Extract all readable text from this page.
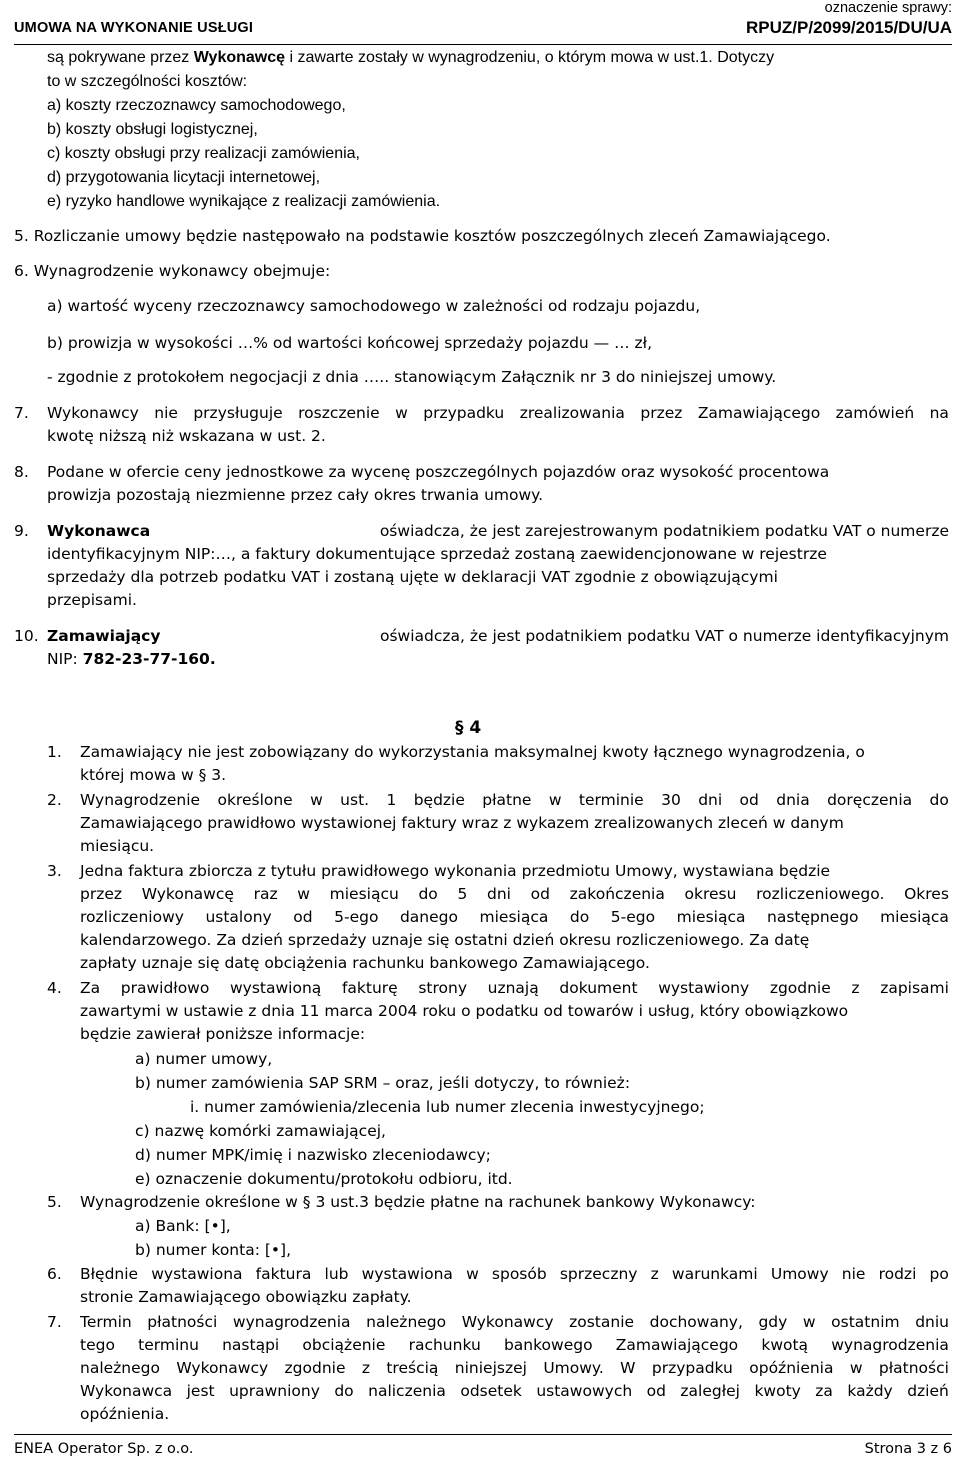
UMOWA NA WYKONANIE USŁUGI
oznaczenie sprawy:
RPUZ/P/2099/2015/DU/UA
są pokrywane przez Wykonawcę i zawarte zostały w wynagrodzeniu, o którym mowa w ust.1. Dotyczy
to w szczególności kosztów:
a) koszty rzeczoznawcy samochodowego,
b) koszty obsługi logistycznej,
c) koszty obsługi przy realizacji zamówienia,
d) przygotowania licytacji internetowej,
e) ryzyko handlowe wynikające z realizacji zamówienia.
5. Rozliczanie umowy będzie następowało na podstawie kosztów poszczególnych zleceń Zamawiającego.
6. Wynagrodzenie wykonawcy obejmuje:
a) wartość wyceny rzeczoznawcy samochodowego w zależności od rodzaju pojazdu,
b) prowizja w wysokości …% od wartości końcowej sprzedaży pojazdu — … zł,
- zgodnie z protokołem negocjacji z dnia ….. stanowiącym Załącznik nr 3 do niniejszej umowy.
7. Wykonawcy nie przysługuje roszczenie w przypadku zrealizowania przez Zamawiającego zamówień na
kwotę niższą niż wskazana w ust. 2.
8. Podane w ofercie ceny jednostkowe za wycenę poszczególnych pojazdów oraz wysokość procentowa
prowizja pozostają niezmienne przez cały okres trwania umowy.
9. Wykonawca	oświadcza, że jest zarejestrowanym podatnikiem podatku VAT o numerze
identyfikacyjnym NIP:…, a faktury dokumentujące sprzedaż zostaną zaewidencjonowane w rejestrze
sprzedaży dla potrzeb podatku VAT i zostaną ujęte w deklaracji VAT zgodnie z obowiązującymi
przepisami.
10. Zamawiający	oświadcza, że jest podatnikiem podatku VAT o numerze identyfikacyjnym
NIP: 782-23-77-160.
§ 4
1. Zamawiający nie jest zobowiązany do wykorzystania maksymalnej kwoty łącznego wynagrodzenia, o
której mowa w § 3.
2. Wynagrodzenie określone w ust. 1 będzie płatne w terminie 30 dni od dnia doręczenia do
Zamawiającego prawidłowo wystawionej faktury wraz z wykazem zrealizowanych zleceń w danym
miesiącu.
3. Jedna faktura zbiorcza z tytułu prawidłowego wykonania przedmiotu Umowy, wystawiana będzie
przez Wykonawcę raz w miesiącu do 5 dni od zakończenia okresu rozliczeniowego. Okres
rozliczeniowy ustalony od 5-ego danego miesiąca do 5-ego miesiąca następnego miesiąca
kalendarzowego. Za dzień sprzedaży uznaje się ostatni dzień okresu rozliczeniowego. Za datę
zapłaty uznaje się datę obciążenia rachunku bankowego Zamawiającego.
4. Za prawidłowo wystawioną fakturę strony uznają dokument wystawiony zgodnie z zapisami
zawartymi w ustawie z dnia 11 marca 2004 roku o podatku od towarów i usług, który obowiązkowo
będzie zawierał poniższe informacje:
a) numer umowy,
b) numer zamówienia SAP SRM – oraz, jeśli dotyczy, to również:
i. numer zamówienia/zlecenia lub numer zlecenia inwestycyjnego;
c) nazwę komórki zamawiającej,
d) numer MPK/imię i nazwisko zleceniodawcy;
e) oznaczenie dokumentu/protokołu odbioru, itd.
5. Wynagrodzenie określone w § 3 ust.3 będzie płatne na rachunek bankowy Wykonawcy:
a) Bank: [•],
b) numer konta: [•],
6. Błędnie wystawiona faktura lub wystawiona w sposób sprzeczny z warunkami Umowy nie rodzi po
stronie Zamawiającego obowiązku zapłaty.
7. Termin płatności wynagrodzenia należnego Wykonawcy zostanie dochowany, gdy w ostatnim dniu
tego terminu nastąpi obciążenie rachunku bankowego Zamawiającego kwotą wynagrodzenia
należnego Wykonawcy zgodnie z treścią niniejszej Umowy. W przypadku opóźnienia w płatności
Wykonawca jest uprawniony do naliczenia odsetek ustawowych od zaległej kwoty za każdy dzień
opóźnienia.
ENEA Operator Sp. z o.o.	Strona 3 z 6
